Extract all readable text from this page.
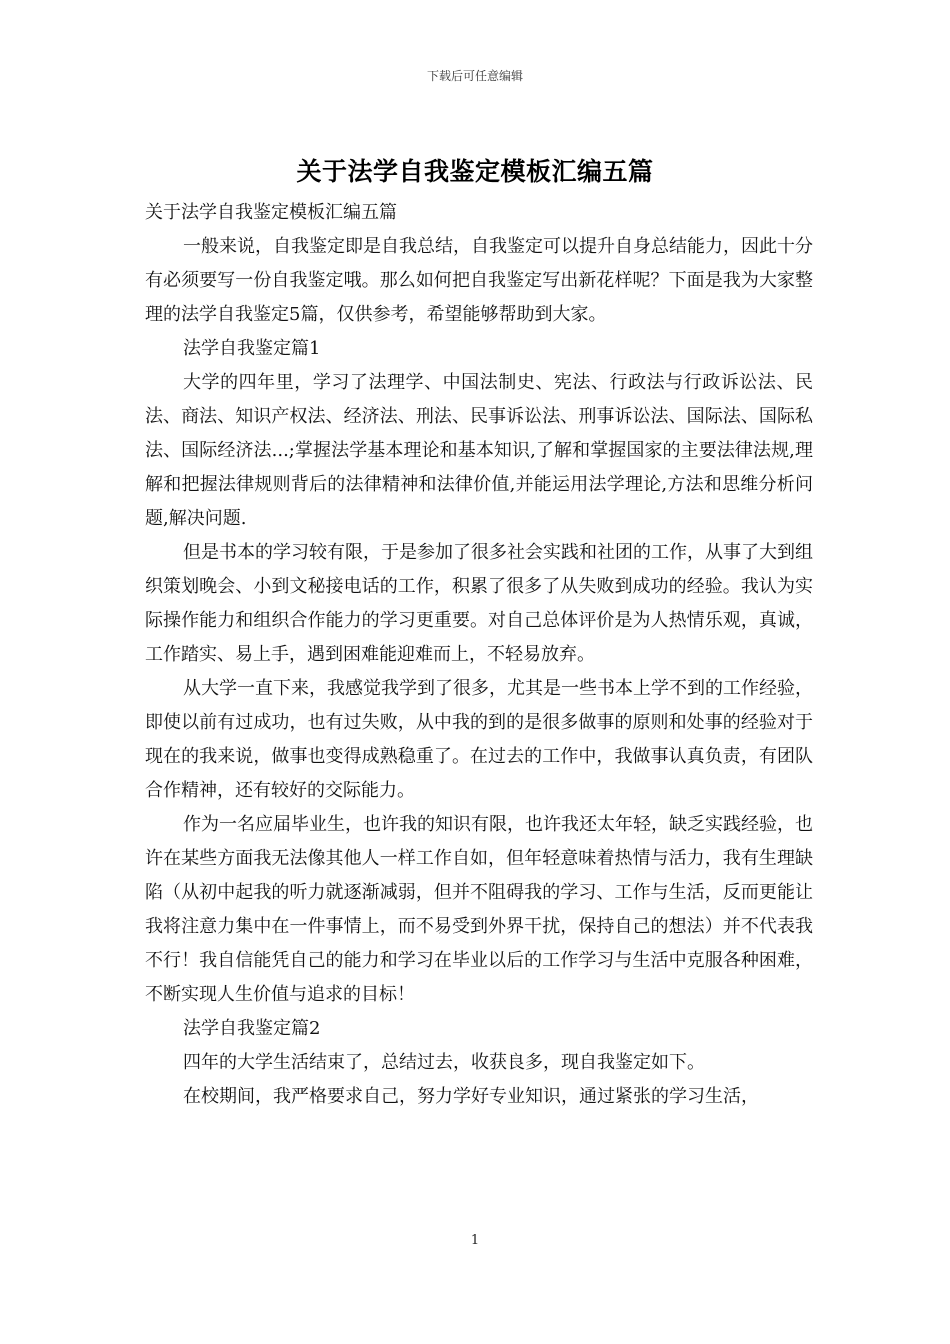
下载后可任意编辑
关于法学自我鉴定模板汇编五篇

关于法学自我鉴定模板汇编五篇

一般来说，自我鉴定即是自我总结，自我鉴定可以提升自身总结能力，因此十分有必须要写一份自我鉴定哦。那么如何把自我鉴定写出新花样呢？下面是我为大家整理的法学自我鉴定5篇，仅供参考，希望能够帮助到大家。

法学自我鉴定篇1

大学的四年里，学习了法理学、中国法制史、宪法、行政法与行政诉讼法、民法、商法、知识产权法、经济法、刑法、民事诉讼法、刑事诉讼法、国际法、国际私法、国际经济法...;掌握法学基本理论和基本知识,了解和掌握国家的主要法律法规,理解和把握法律规则背后的法律精神和法律价值,并能运用法学理论,方法和思维分析问题,解决问题.

但是书本的学习较有限，于是参加了很多社会实践和社团的工作，从事了大到组织策划晚会、小到文秘接电话的工作，积累了很多了从失败到成功的经验。我认为实际操作能力和组织合作能力的学习更重要。对自己总体评价是为人热情乐观，真诚，工作踏实、易上手，遇到困难能迎难而上，不轻易放弃。

从大学一直下来，我感觉我学到了很多，尤其是一些书本上学不到的工作经验，即使以前有过成功，也有过失败，从中我的到的是很多做事的原则和处事的经验对于现在的我来说，做事也变得成熟稳重了。在过去的工作中，我做事认真负责，有团队合作精神，还有较好的交际能力。

作为一名应届毕业生，也许我的知识有限，也许我还太年轻，缺乏实践经验，也许在某些方面我无法像其他人一样工作自如，但年轻意味着热情与活力，我有生理缺陷（从初中起我的听力就逐渐减弱，但并不阻碍我的学习、工作与生活，反而更能让我将注意力集中在一件事情上，而不易受到外界干扰，保持自己的想法）并不代表我不行！我自信能凭自己的能力和学习在毕业以后的工作学习与生活中克服各种困难，不断实现人生价值与追求的目标！

法学自我鉴定篇2

四年的大学生活结束了，总结过去，收获良多，现自我鉴定如下。

在校期间，我严格要求自己，努力学好专业知识，通过紧张的学习生活，

1
